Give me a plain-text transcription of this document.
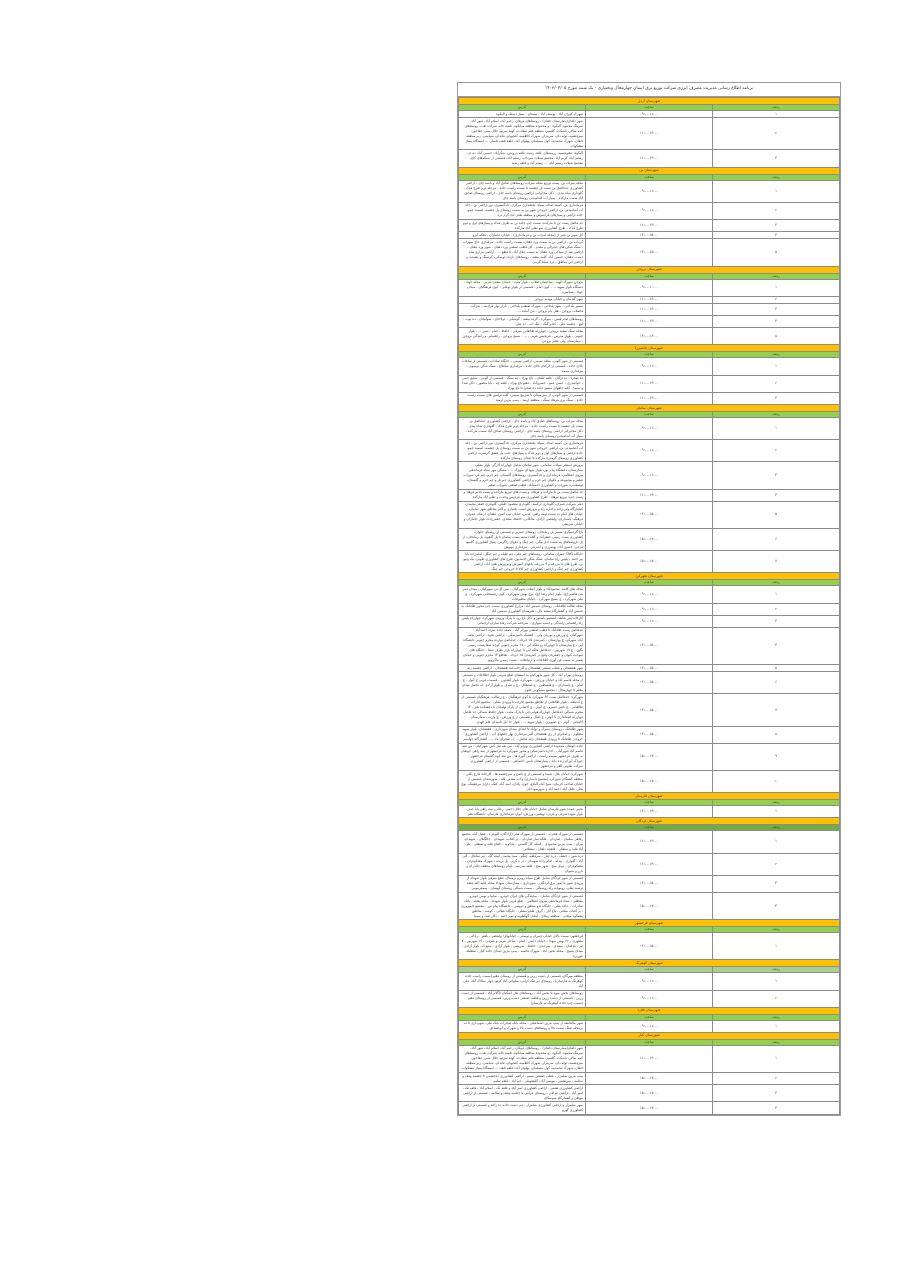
برنامه اطلاع رسانی مدیریت مصرف انرژی شرکت توزیع برق استان چهارمحال وبختیاری - یک شنبه مورخ ۱۴۰۳/۰۴/۰۵
شهرستان اردل		
ردیف	ساعت	آدرس
۱	۰۹:۰۰-۱۱:۰۰	شهرک کوران آباد - یوسف آباد - تبستان - پمپاژ دشتک و آلیکوه
۲	۱۱:۰۰-۱۳:۰۰	شهر دلفان(بیمارستان دلفان) - روستاهای دوپلان، رحیم آباد، اسلام آباد، غیور آباد، سرتنگ محمود، آلیکوه - و محدوده منطقه میانکوه، تلمبه خانه شرکت نفت، روستاهای کمه سالار، ناشکت، گلسیز، منطقه علم سعادت، کهنه سرتو، جلال شیر، چغاخور، سرچشمه، توله دان، سرمزار، شهرک کاظمیه، آقجیهان، فاندان، شیاسی، زیر منطقه دلفان، شهرک محمدیه، کول مسلمان، پهلوان آباد، قلعه تلفه، تلمبار، ... ایستگاه پمپاژ مشکوات
۳	۱۱:۰۰-۱۳:۰۰	آلیکوه، دهنوعسیه، زرمسلان، قلعه رشید، قلعه درویش، شکرآباد، حسین آباد، ده دژ، رستم آباد، کریم آباد، مجتمع شیلات سرداب، رستم آباد، قسمتی از شبکه‌های کاج، مجتمع شیلات رستم آباد، ... رستم آباد و قلعه رشید
شهرستان بن		
ردیف	ساعت	آدرس
۱	۰۹:۰۰-۱۱:۰۰	محله سراب بن، پست توزیع محله سراب، روستاهای صادق آباد و باسه چای - اراضی کشاورزی حدفاصل بن بست بل چشمه تا سمت راست جاده - مرحله دوم طرح فدک - گلوداری شاه بیدی - دکل مخابراتی اراضی روستای باسه چای - اراضی روستای صادق آباد سمت مارکده - پمپاژ آب آشامیدنی روستای باسه چای
۲	۰۹:۰۰-۱۱:۰۰	فرمانداری بن، کمیته امداد، سپاه، بخشداری مرکزی، دادگستری، تور اراضی بن - چاه آب آشامیدنی بن، اراضی خروجی شهر بن به سمت روستای پل چشمه، اسمند چمو، جاده اراضی و پمپاژهای فراشوش و منطقه نقلی آباد گرم دره
۳	۱۱:۰۰-۱۳:۰۰	حد فاصل پست بن تا مارکده، سمت چپ جاده بن به طرف فدک و پمپاژهای اول و دوم طرح فدک - طرح کشاورزی سو نقلی آباد مارکده
۴	۱۳:۰۰-۱۵:۰۰	کل شهر بن بغیر از (محله سراب بن و فرمانداری) - خیابان جانبازان - فلکه آبرو
۵	۱۳:۰۰-۱۵:۰۰	گرداب بن - اراضی بن به سمت ورد دهنان، سمت راست جاده - مرغداری حاج سهراب - سنگ شکن های حجرالی و مقدم - کل قطب صنعتی ورد دهنان - شهر ورد دهنان - اراضی بعد از سیاکی ورد دهنان به سمت جلال آباد، تا قطع ... - اراضی مزارع شاه دشت، دهنان، حسین آباد، کلمه بیشه - روستاهای بازده، توسکی، کرسنگ و پشنده، و اراضی این مناطق - دره سیاه گرمی
شهرستان بروجن		
ردیف	ساعت	آدرس
۱	۰۹:۰۰-۱۰:۰۰	بروجن شهرک الهیه - ساختمان طلاب - بلوار ملت - خیابان سعدی غربی - محله جهاد - دستگاه بلوار شهید ... - کوی امام - قسمتی از بلوار بوعلی - کوی فرهنگیان - میدان جهاد - سیاسره
۲	۱۱:۰۰-۱۳:۰۰	شهر گندمان و خیابان مهدیه بروجن
۳	۱۱:۰۰-۱۳:۰۰	مسیر بلداجی - شهر بلداجی - شهرک صنعتی بلداجی - بازار بهار فرادنبه - شرکت فاضلاب بروجن - هتل بام بروجن - بتن آماده ...
۴	۱۱:۰۰-۱۳:۰۰	روستاهای امام قیس - میوگره - گرده بیشه - گوشکی - دولاخان - سولیجان - ده نوت - لیچ - چشمه علی - کدام گنگ - تنگ آب - ده علی
۵	۱۳:۰۰-۱۶:۰۰	محله سنگ سفید بروجن - چهارراه طالقانی شرقی - حافظ - خیام - شیر ... - بلوار جنوبی - بلوار مدرس - فرنجیس غربی - ... - بسیج بروجن - راهنمایی و رانندگی بروجن - بیمارستان ولی عصر بروجن
شهرستان خانمیرزا		
ردیف	ساعت	آدرس
۱	۰۹:۰۰-۱۱:۰۰	قسمتی از شهر آلونی، محله سیمی، اراضی سیمی - جایگاه سادات - قسمتی از ساعات بالای جاده - قسمتی از کرکنان بالای جاده - مرغداری ساقلاغ - سنگ شکن دوسوی - مرغداری سیمه
۲	۱۱:۰۰-۱۳:۰۰	ده صحرا - ده ترکان - قلعه افغان - باغ بهزاد - ده سنگ - قسمتی از آلونی - سلیج جمی - حواصدری - حسن عمو - خسروآباد - دهنو باغ بهزاد - قلعه چه - بابا منصور - دکل صدا و سیما - کلیه چاههای مسیر جاده ده صحرا تا باغ بهزاد
۳	۱۱:۰۰-۱۳:۰۰	قسمتی از شهر آلونی، از سر میدان تا سرپیچ سیمی، کلیه ترانس های سمت راست جاده - سنگ بری فرهاد سنگ - منطقه ارمند - پمپ بنزین ارمند
شهرستان سامان		
ردیف	ساعت	آدرس
۱	۰۹:۰۰-۱۱:۰۰	محله سراب بن، روستاهای صادق آباد و باسه چای - اراضی کشاورزی حدفاصل بن بست پل چشمه تا سمت راست جاده - مرحله دوم طرح فدک - گلوداری شاه بیدی - دکل مخابراتی اراضی روستای باسه چای - اراضی روستای صادق آباد سمت مارکده - پمپاژ آب آشامیدنی روستای باسه چای
۲	۰۹:۰۰-۱۱:۰۰	فرمانداری بن، کمیته امداد، سپاه، بخشداری مرکزی، دادگستری، تور اراضی بن - چاه آب آشامیدنی بن، اراضی خروجی شهر بن به سمت روستای پل چشمه، اسمند چمو، جاده اراضی و پمپاژهای اول و دوم فدک و پمپاژهای جنب پل عشق گرمدره، اراضی کشاورزی روستای گرمدره مارکده تا ابتدای روستای مارکده
۳	۰۹:۰۰-۱۱:۰۰	پرورش استخر شیلات سامانی، شهر سامان شامل چهارراه کارگر، بلوار معلم، بیمارستان، دانشگاه پیام نور، بلوار شهدای شهرک ... - مسکن مهر ستاد فرماندهی نیروی انتظامی، فرمانداری و دادگستری، روستاهای گلستان، چم خرم، چم نار، شوراب صغیر و مجموعه و باغهای چم خرم و اراضی کشاورزی چم نار و چم خرم و گلستان، توسعه‌دره شوراب و کشاورزی احمدآباد، قطب صنعتی شوراب صغیر
۴	۱۱:۰۰-۱۳:۰۰	حد فاصل پست بن تا مارکده و فرهاد، و پست های توزیع مارکده و پست فدیم فرهاد و پست جدید توزیع فرهاد - طرح کشاورزی سو فردوس وحدت و نقلی آباد مارکده
۵	۱۳:۰۰-۱۵:۰۰	دفتر شرکت عمران، گلوداری ترکمند، گلوداری مقصود خلیلی، گلوداری اصغر محمدی، کشتارگاه ولی زاده و اداره راه و پرورش اسب بختیاری و اکثر مناطق شهر سامان، خیابان های امام به سمت تیمه راهی، قدس، خیابان تیپ آتش، دهقان، ارشاد، عمران، فرهنگ، پاسداران، ولیعصر، آزادی، مالکانی، حافظ، سعدی، جعفرزاده، بلوار جانبازان و خیابان شریعتی
۶	۱۵:۰۰-۱۷:۰۰	باغ گردشگری مسیر پل زمانخان، روستای چمزین و قسمتی از روستای چلوان، کشاورزی پست زمینی جعفرآباد و کلاه دسته، پست سامان تا پل گلقوه، پل زمانخان، از پل تاروستاهای به سمت ادل بیگی، چم چنگ و باغهای زاگرس، پمپاژ کشاورزی گلمبو، فرحی، حسین آباد، پهنمرزی و اشرفی - مرغداری بهنوش
۷	۱۵:۰۰-۱۷:۰۰	جایگاه CNG عمران سامانی، روستاهای چم علی، چم غلیله و چم جنگل، امامزاده بابا پیر احمد - پلیس راه سامان، سنگ شکن احمدپور، طرح های کشاورزی طوبی، یک ونیو بن، طرح های ۸ مزرعه و ۹ مزرعه، باغهای آموزش و پرورش نقلی آباد، اراضی کشاورزی چم چنگ و اراضی کشاورزی چم کالا تا خروجی چم چنگ
شهرستان شهرکرد		
ردیف	ساعت	آدرس
۱	۰۹:۰۰-۱۱:۰۰	محله های کلمه، محمودآباد و بلوار انقلاب شهرکیان - سی آی تی شهرکیان - میدان قمر بنی هاشم (ع)، بلوار امام رضا (ع)، برج بهمن شهرکرد - کوی رفسنجانی شهرکرد - چ ملی شهرکرد - چ بسیج شهرکرد - خیابان مطبوعات
۲	۰۹:۰۰-۱۱:۰۰	محله طالب طاقانک - روستای شمس آباد، مزارع کشاورزی سمت چپ محور طاقانک به شمس آباد و کشتارگاه سفید دال - هنرستان کشاورزی شمس آباد
۳	۰۹:۰۰-۱۱:۰۰	کارخانه پنیر شاهد، انستیتو پاستور و دکل باغ رو، تا پارک ورودی شهرکرد، چهارراه پلیس راه راهنمایی رانندگی و اسب سواری - سرخانه شرکت رفاه سازان ارجمانی
۴	۱۳:۰۰-۱۵:۰۰	حدفاصل پست طاقانک تا قطب صنعتی بهرام آباد - نصفه جاده سرته احمدآباد - شهرکیان، چ ورزش و بوریای ولی - کشتیک دامپزشکی - اراضی نخود - اراضی نجف آباد، شهرکرد چ بهارستان - کمربندی ۱۵ خرداد - حدفاصل نوازده محرم جنوبی دانشگاه آبی - چ بهارستان تا چهارراه رو فلکه آبی - ۱۷ محرم جنوبی کوچه سفا پست زمینی نگین - چ ۱۷ شهریور - حدفاصل فلکه آبی تا چهارراه بازار طرف شفا - جایگاه های سوخت کیوان و جعفریان واقع در کمربندی ۱۵ خرداد - تقاطع ۱۳ محرم جنوبی و خیابان تعمیر به سمت فن آوری اطلاعات و ارتباطات - پست زمینی ماکرویو
۵	۱۳:۰۰-۱۵:۰۰	شهر هفشجان و قطب صنعتی هفشجان و کارخانه قند هفشجان - اراضی چشمه زنه
۶	۱۳:۰۰-۱۵:۰۰	روستای بهرام آباد - کل شهر شهرکیان به استثنای ضلع شرقی بلوار اطلاعات و قسمتی از محله قاسم آباد و خیابان ورزش - شهرکرد، بلوار کشاورز - قسمت غربی چ آبوار - چ امام - چ پاسداران - چ فلسطین - چ استقلال - چ و صدف و بلوار آزادی حد فاصل میدان معلم تا چهارمحال - مجتمع مسکونی علوم
۷	۱۳:۰۰-۱۵:۰۰	شهرکرد: حدفاصل پست ۶۳ شهرکرد تا کوی فرهنگیان - چ رسالت، فرهنگیان قسمتی از چ اندیشه - بلوار طالقانی از تقاطع مجتمع ادارات تا ورودی معلی - مجتمع ادارات طالقانی - چ ناصر خسرو - چ آبوار - چ کاشانی از پارک تهلیجان تا دانشکده هنر - ۱۴ محرم شمالی حدفاصل چهارراه هوایی‌چی تا پارک ملت - بلوار حافظ شمالی حد فاصل چهارراه استانداری تا کوثر - چ اقبال و قسمتی از چ ورزش - چ وارث - بیمارستان کاشانی - کوثر - چ صنوبری - بلوار شهید ... - بلوار ۱۲ ایل نامیدان علم الهدی
۸	۱۳:۰۰-۱۵:۰۰	شهر طاقانک - روستای سیرک و توآباد تا ابتدای میدان شهرداری - هفشجان، بلوار شهید مظلوم - و صحرای از ری هفشجان اکبر مرغداری بهار چاههای آب - اراضی کشاورزی خروجی طاقانک تا ورودی هفشجان (حد فاصل... ) - صحرای باد ... - کشتارگاه جهانمیر
۹	۱۵:۰۰-۱۷:۰۰	جاده جونقان محدوده اراضی کشاورزی بهرام آباد - من نعه تیاز کش شهرکیان - من نعه قاسم آباد شهرکیان - اداره دامپزشکی و محور شهرکرد به فرخشهر از سه راهی جونقان به طرف فرخشهر سمت راست - اراضی گوره ها - من نعه کوه گلستان فرخشهر - خوراک آوزان زنده داند - بیمارستان تامین اجتماعی - قسمتی از اراضی کشاورزی شرکت تعاونی آلفر و فرخشهر
۱۰	۱۵:۰۰-۱۷:۰۰	شهرکرد: خیابان بلال، شیما و قسمتی از چ ناصح و سرچشمه ها - کارخانه قارچ بکلی - منطقه کشتگان شهرکرد (مجتمع دامداری) و آب معدنی قله - سورشجان قسمتی از خیابان صاحب الزمان، شیخ آباد، آلیلاغ، خوی، پادان، اسد آباد، کنک، دارای مرغشتک، نوع بحار، خلیل آباد، احمد آباد و شهرسودجان
شهرستان فارسان		
ردیف	ساعت	آدرس
۱	۱۳:۰۰-۱۴:۰۰	بخش عمده شهر فارسان شامل خیابان های جلال احمی، رجائی، سه راهی بابا حیدر، بلوار شهدا شرقی و غربی، بهشتی، ورزش، آبوار، فرمانداری فارسان، دانشگاه علم
شهرستان لردگان		
ردیف	ساعت	آدرس
۱	۱۱:۰۰-۱۳:۰۰	قسمتی از شهرک هجرت - قسمتی از شهرک فجر (آزادگان، آلیوتی) - عقیل آباد، مجتمع رفاهی سلمان - صاردان - فلکه نماز صاردان - بر آفتاب، شهیدان - جالگیلان - شهیدان، بیران - پمپ بنزین محمودی - کینک، گل گلسین - بادکوبه - دلفان فلیه و ستقلی - تلی آباد فلیه و ستقلی - قلعچه دلفان - ستقلانی
۲	۱۱:۰۰-۱۳:۰۰	دره شور - خشک - دره چنار - سرقلعه، چنگو - سید محمد - آیینه گک - تیر ساغال - آلی آباد - گلواری - بیدله - امام زاده شهیدان - در ه گرم - پل بریده - شهرک مشکوه‌ران - مشکوه‌ران - دوتل میخ - شهر منج - قلعه مدرسه - امام روستاهای منطقه جالدران و بارز و شیوان
۳	۱۳:۰۰-۱۵:۰۰	قسمتی از شهر لردگان شامل طرح سپاه روبرو ترمینال، ضلع شرقی بلوار شهداء از ورودی شهر تا امور برق لردگان - شهرداری - بیمارستان شهداء محله علیه الله یتشد ترسند بعلی، روبوبانه راه روستائی - سمت شمالی روستای کهیمان - سمعرمونی
۴	۱۵:۰۰-۱۷:۰۰	قسمتی از شهر لردگان شامل: - نمایندگی های ایران خودرو - سایپا و بهمن خودرو - معطلی - ستاد فرماندهی نیروی انتظامی - ضلع غربی بلوار شهداء - محله پشته - بانک صادرات - جاده بعلی - جایگاه تدو منطق و دوپسی - دانشگاه پیام نور - مجتمع دامپروری - بر آفتاب میلانی - باغ انار - گرف علیاو سفلی - جایگاه عیلانی - کوشه - مناطق پشتکوه میلانی - منطقه رملای - لبتابل گهکیلویه و بویر احمد - دکل صدا و سیما
شهرستان فرخشهر		
ردیف	ساعت	آدرس
۱	۱۳:۰۰-۱۵:۰۰	فرخشهر: سمت بالای خیابان چمران و توسلی - خیابانهای: ولیعصر - باهنر - رجائی - مطهری - ۲۲ بهمن شهدا - خیابان دانش - امام - ساحل غربی و شرقی - ۱۷ شهریور - ۷ تیر - فدائیان - سعدی - سرحدی - حافظ - شریعتی - بلوار آزادی - منبع آب بلوار آزادی - میدان بسیج - محله یحیی آباد - شهرک قائمیه - پمپ بنزین ابتدای جاده کیار - سطیله عوزیره
شهرستان کوهرنگ		
ردیف	ساعت	آدرس
۱	۰۹:۰۰-۱۱:۰۰	منطقه میرگان، قسمتی از دشت زرین و قسمتی از روستای دهنو (سمت راست جاده کوهرنگ به فارسان) - روستای دم تنگ کرانی، سلوانی آباد کرتو، چهار سالاک آباد، علی آباد
۲	۰۹:۰۰-۱۱:۰۰	روستاهای بخش میهه تا بخش آباد - روستاهای نعل اشکنان تاگلام آباد - قسمتی از دشت زرین - قسمتی از دشت زرین و قطب صنعتی دشت زرین، قسمتی از روستای دهنو (سمت چپ جاده کوهرنگ به فارسان)
شهرستان فلارد		
ردیف	ساعت	آدرس
۱	۰۹:۰۰-۱۱:۰۰	شهر مالخلیفه از پمپ بنزین اسماعیلی - محله بانک صادرات بانک ملی، شهرداری تا ته برمحله صنگ سمت بالا و روستاهای دشت بالا و شهرک و ابواسحاق
شهرستان کیار		
ردیف	ساعت	آدرس
۱	۱۱:۰۰-۱۳:۰۰	شهر دلفان(بیمارستان دلفان) - روستاهای دوپلان، رحیم آباد، اسلام آباد، غیور آباد، سرتنگ محمود، آلیکوه - و محدوده منطقه میانکوه، تلمبه خانه شرکت نفت، روستاهای کمه سالار، ناشکت، گلسیز، منطقه علم سعادت، کهنه سرتو، جلال شیر، چغاخور، سرچشمه، توله دان، سرمزار، شهرک کاظمیه، آقجیهان، فاندان، شیاسی، زیر منطقه دلفان، شهرک محمدیه، کول مسلمان، پهلوان آباد، قلعه تلفه، ... ایستگاه پمپاژ مشکوات
۲	۱۵:۰۰-۱۷:۰۰	پمپ بنزین شلمزار - قطب صنعتی نسیم - اراضی کشاورزی ده‌چشمی تا چشمه وقف و سالمه - سرتشنیز - موسی آباد، کلیشوبلی - چم آباد - قلعه سلیم
۳	۱۵:۰۰-۱۷:۰۰	اراضی کشاورزی تشنیز - اراضی کشاورزی امیر آباد و قلعه تک - اسلام آباد - قلعه تک - امیر آباد - اراضی عراقی - روستای عراقی تا چشمه وقف و سالمه - قسمتی از اراضی موطن و کشتارگاه شوسکان
۴	۱۵:۰۰-۱۷:۰۰	شهر شلمزار و اراضی کشاورزی شلمزار - دنر دشت جاده ده راجه و قسمتی از اراضی کشاورزی گهرو
